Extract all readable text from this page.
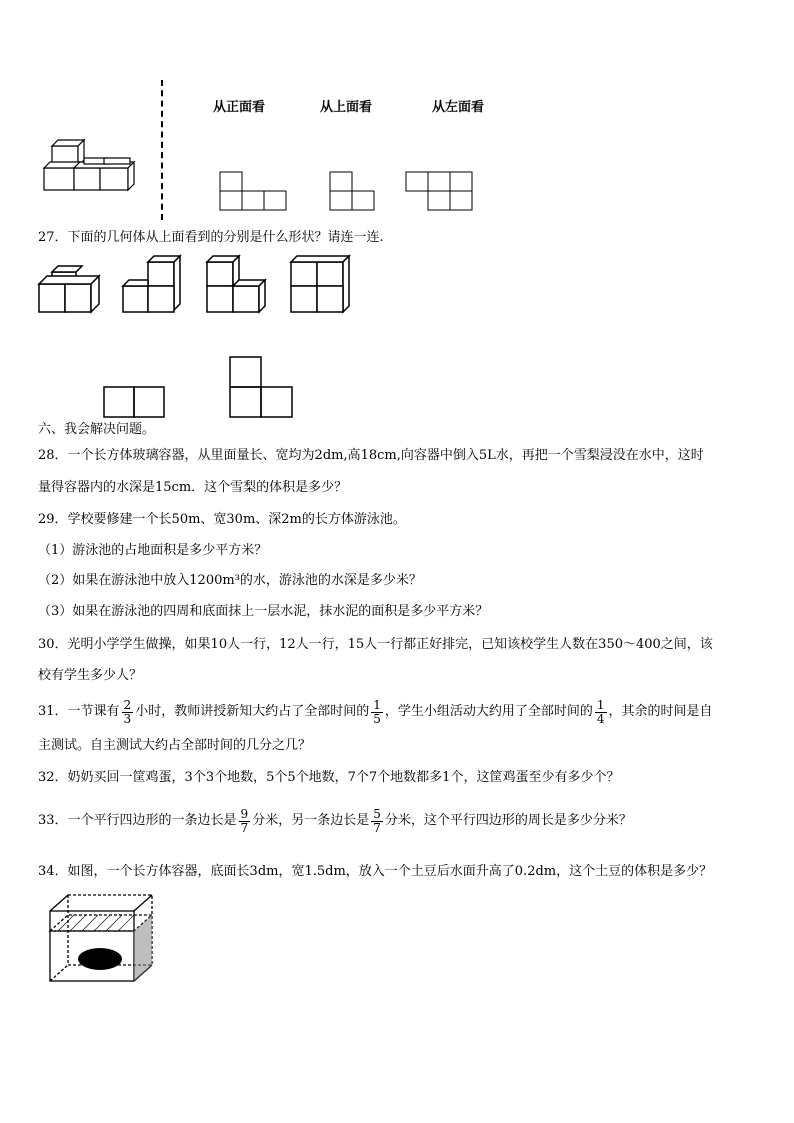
从正面看	从上面看	从左面看
27．下面的几何体从上面看到的分别是什么形状？请连一连.
六、我会解决问题。
28．一个长方体玻璃容器，从里面量长、宽均为2dm,高18cm,向容器中倒入5L水，再把一个雪梨浸没在水中，这时
量得容器内的水深是15cm．这个雪梨的体积是多少？
29．学校要修建一个长50m、宽30m、深2m的长方体游泳池。
（1）游泳池的占地面积是多少平方米？
（2）如果在游泳池中放入1200m³的水，游泳池的水深是多少米？
（3）如果在游泳池的四周和底面抹上一层水泥，抹水泥的面积是多少平方米？
30．光明小学学生做操，如果10人一行，12人一行，15人一行都正好排完，已知该校学生人数在350～400之间，该
校有学生多少人？
31．一节课有 $\frac{2}{3}$ 小时，教师讲授新知大约占了全部时间的 $\frac{1}{5}$ ，学生小组活动大约用了全部时间的 $\frac{1}{4}$ ，其余的时间是自
主测试。自主测试大约占全部时间的几分之几？
32．奶奶买回一筐鸡蛋，3个3个地数，5个5个地数，7个7个地数都多1个，这筐鸡蛋至少有多少个？
33．一个平行四边形的一条边长是 $\frac{9}{7}$ 分米，另一条边长是 $\frac{5}{7}$ 分米，这个平行四边形的周长是多少分米？
34．如图，一个长方体容器，底面长3dm，宽1.5dm，放入一个土豆后水面升高了0.2dm，这个土豆的体积是多少？
